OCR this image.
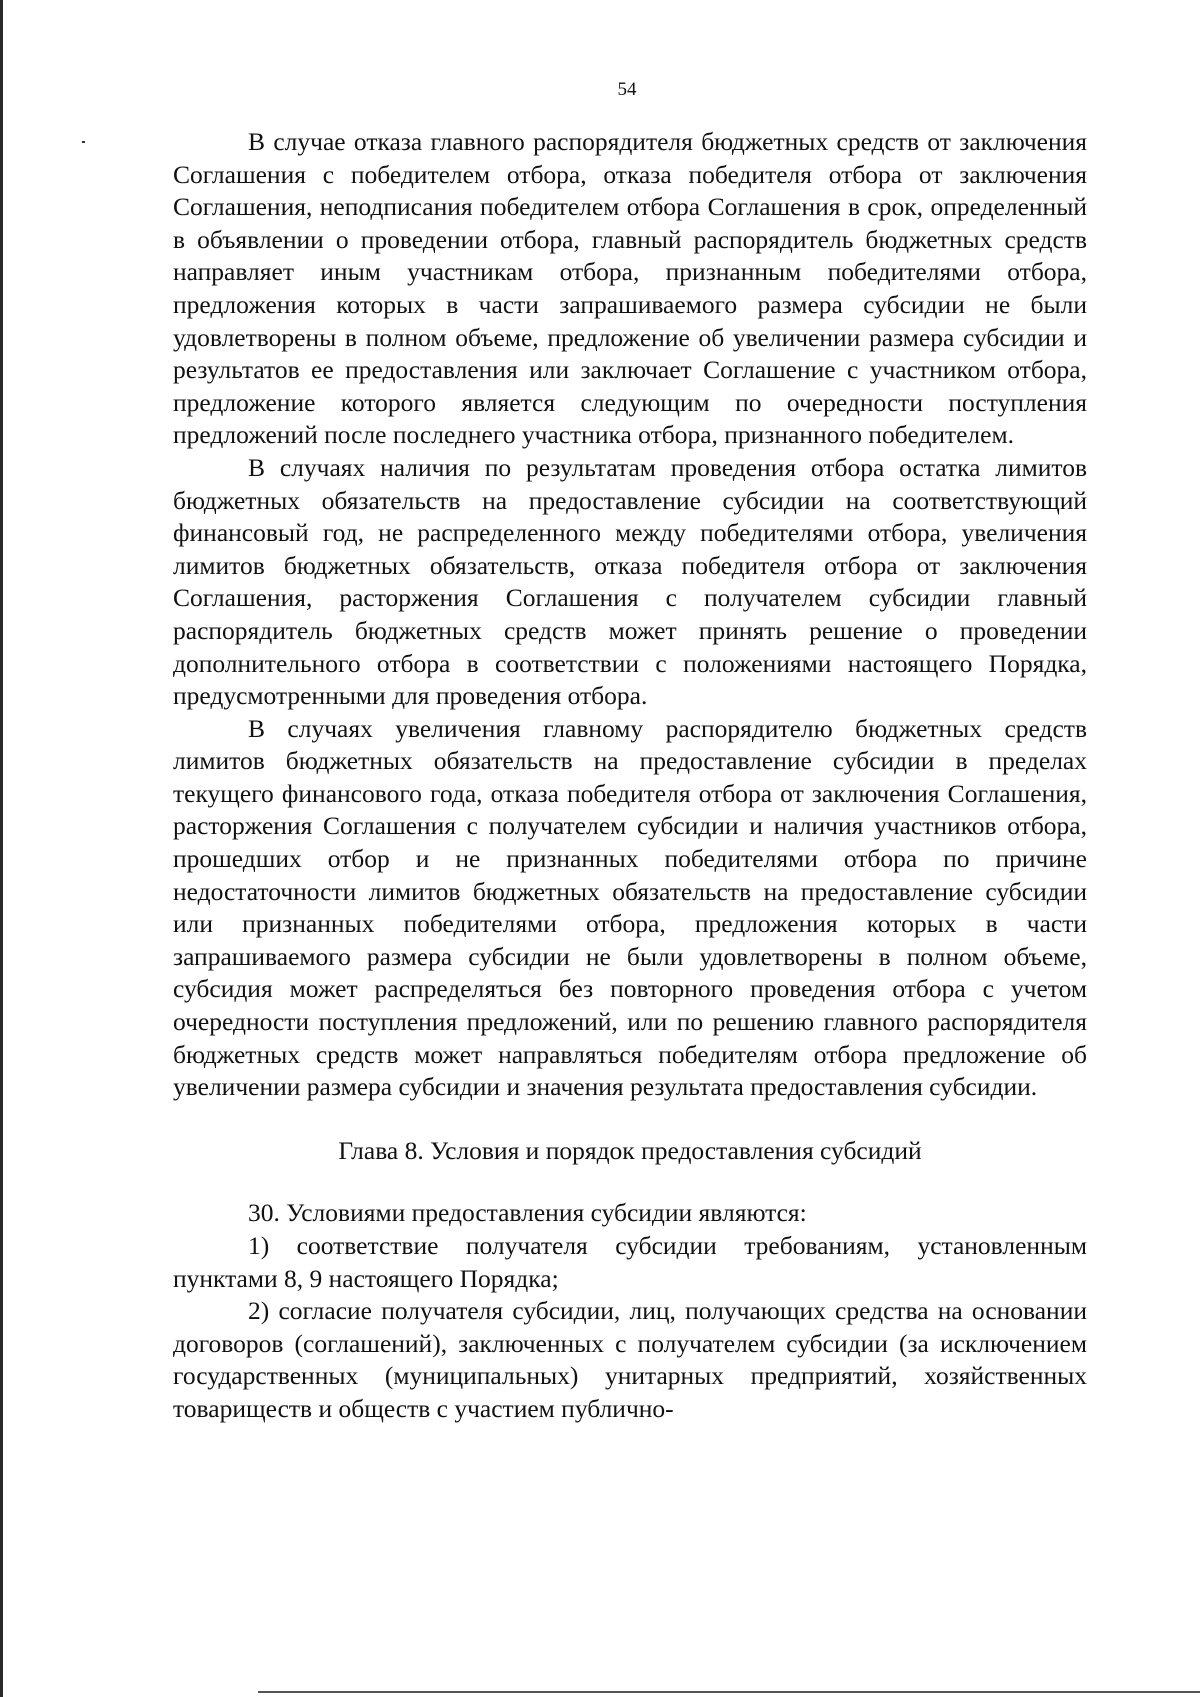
54

В случае отказа главного распорядителя бюджетных средств от заключения Соглашения с победителем отбора, отказа победителя отбора от заключения Соглашения, неподписания победителем отбора Соглашения в срок, определенный в объявлении о проведении отбора, главный распорядитель бюджетных средств направляет иным участникам отбора, признанным победителями отбора, предложения которых в части запрашиваемого размера субсидии не были удовлетворены в полном объеме, предложение об увеличении размера субсидии и результатов ее предоставления или заключает Соглашение с участником отбора, предложение которого является следующим по очередности поступления предложений после последнего участника отбора, признанного победителем.

В случаях наличия по результатам проведения отбора остатка лимитов бюджетных обязательств на предоставление субсидии на соответствующий финансовый год, не распределенного между победителями отбора, увеличения лимитов бюджетных обязательств, отказа победителя отбора от заключения Соглашения, расторжения Соглашения с получателем субсидии главный распорядитель бюджетных средств может принять решение о проведении дополнительного отбора в соответствии с положениями настоящего Порядка, предусмотренными для проведения отбора.

В случаях увеличения главному распорядителю бюджетных средств лимитов бюджетных обязательств на предоставление субсидии в пределах текущего финансового года, отказа победителя отбора от заключения Соглашения, расторжения Соглашения с получателем субсидии и наличия участников отбора, прошедших отбор и не признанных победителями отбора по причине недостаточности лимитов бюджетных обязательств на предоставление субсидии или признанных победителями отбора, предложения которых в части запрашиваемого размера субсидии не были удовлетворены в полном объеме, субсидия может распределяться без повторного проведения отбора с учетом очередности поступления предложений, или по решению главного распорядителя бюджетных средств может направляться победителям отбора предложение об увеличении размера субсидии и значения результата предоставления субсидии.

Глава 8. Условия и порядок предоставления субсидий

30. Условиями предоставления субсидии являются:

1) соответствие получателя субсидии требованиям, установленным пунктами 8, 9 настоящего Порядка;

2) согласие получателя субсидии, лиц, получающих средства на основании договоров (соглашений), заключенных с получателем субсидии (за исключением государственных (муниципальных) унитарных предприятий, хозяйственных товариществ и обществ с участием публично-
